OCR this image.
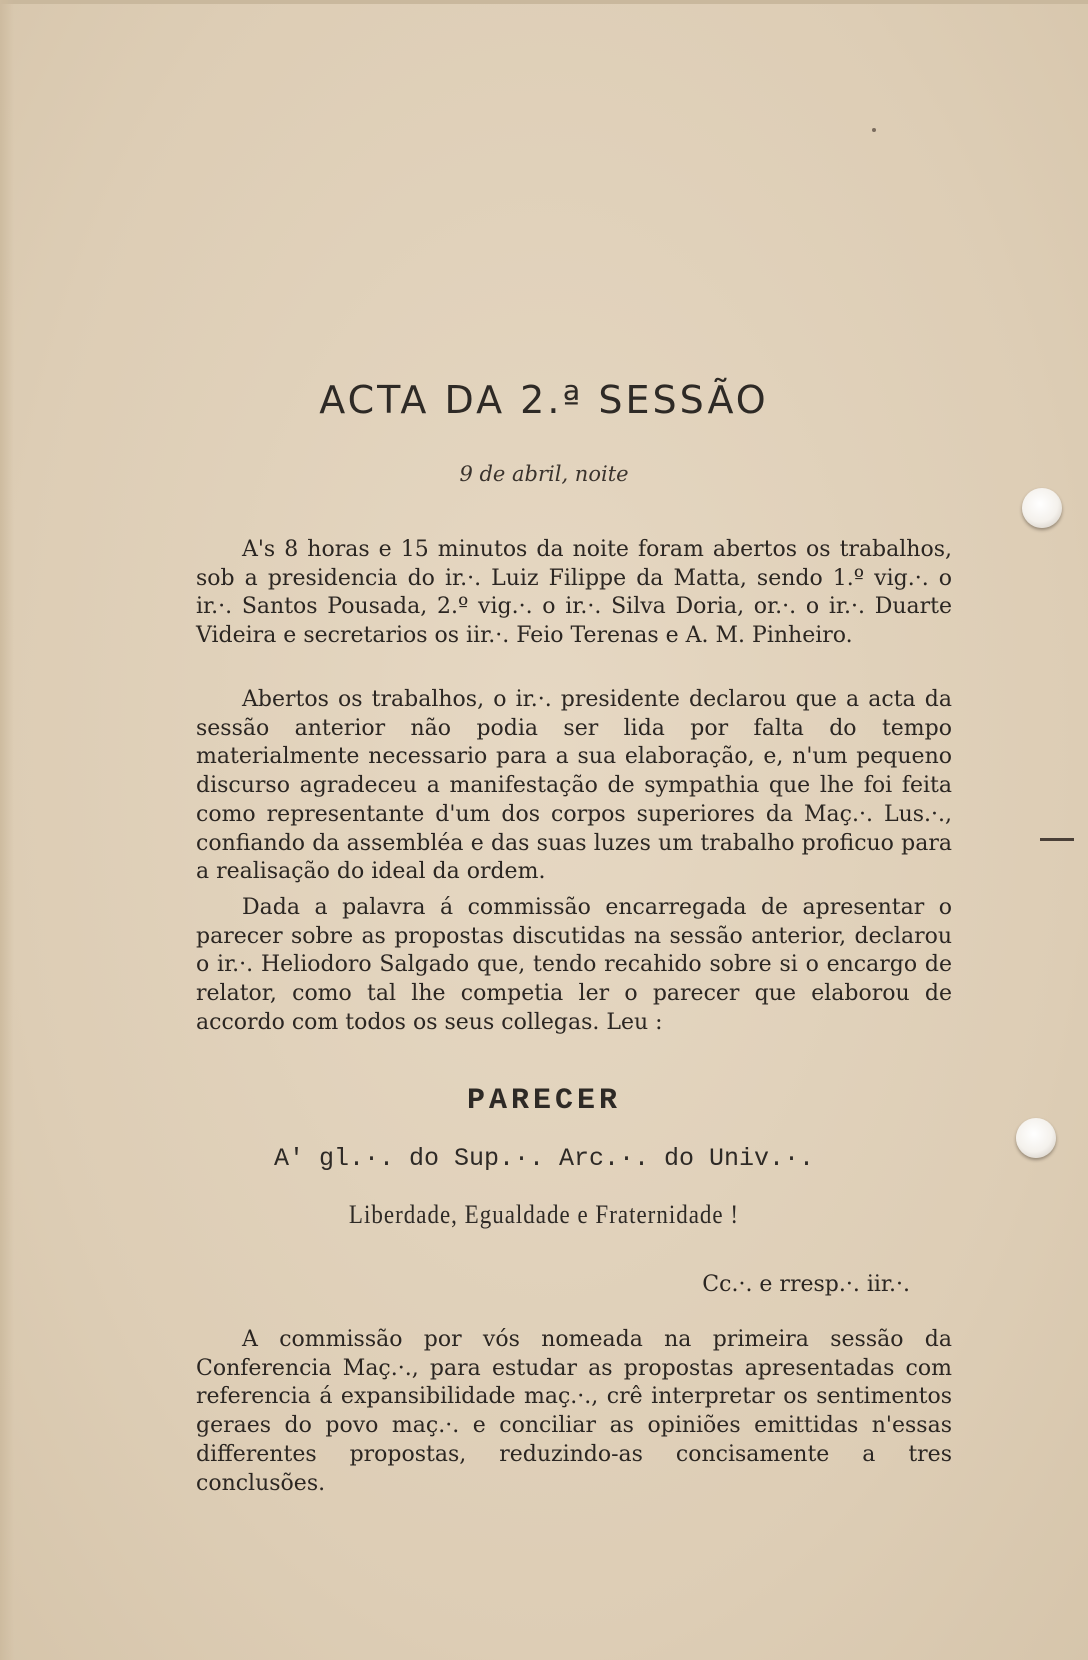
ACTA DA 2.ª SESSÃO

9 de abril, noite

A's 8 horas e 15 minutos da noite foram abertos os trabalhos, sob a presidencia do ir.·. Luiz Filippe da Matta, sendo 1.º vig.·. o ir.·. Santos Pousada, 2.º vig.·. o ir.·. Silva Doria, or.·. o ir.·. Duarte Videira e secretarios os iir.·. Feio Terenas e A. M. Pinheiro.

Abertos os trabalhos, o ir.·. presidente declarou que a acta da sessão anterior não podia ser lida por falta do tempo materialmente necessario para a sua elaboração, e, n'um pequeno discurso agradeceu a manifestação de sympathia que lhe foi feita como representante d'um dos corpos superiores da Maç.·. Lus.·., confiando da assembléa e das suas luzes um trabalho proficuo para a realisação do ideal da ordem.

Dada a palavra á commissão encarregada de apresentar o parecer sobre as propostas discutidas na sessão anterior, declarou o ir.·. Heliodoro Salgado que, tendo recahido sobre si o encargo de relator, como tal lhe competia ler o parecer que elaborou de accordo com todos os seus collegas. Leu :

PARECER

A' gl.·. do Sup.·. Arc.·. do Univ.·.

Liberdade, Egualdade e Fraternidade !

Cc.·. e rresp.·. iir.·.

A commissão por vós nomeada na primeira sessão da Conferencia Maç.·., para estudar as propostas apresentadas com referencia á expansibilidade maç.·., crê interpretar os sentimentos geraes do povo maç.·. e conciliar as opiniões emittidas n'essas differentes propostas, reduzindo-as concisamente a tres conclusões.
